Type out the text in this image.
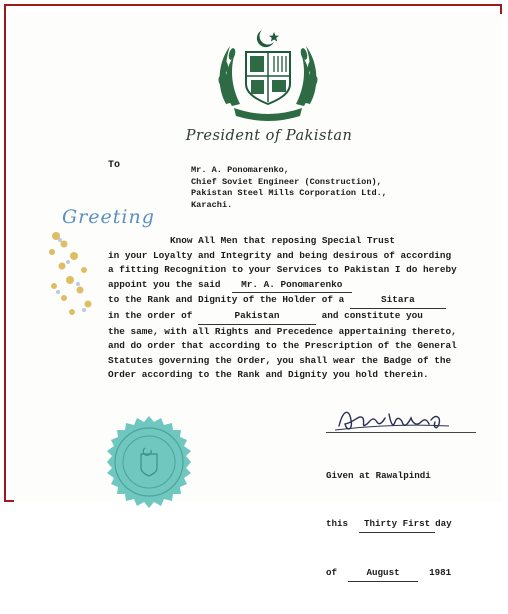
President of Pakistan
To	Mr. A. Ponomarenko,
Chief Soviet Engineer (Construction),
Pakistan Steel Mills Corporation Ltd.,
Karachi.
Greeting
Know All Men that reposing Special Trust
in your Loyalty and Integrity and being desirous of according
a fitting Recognition to your Services to Pakistan I do hereby
appoint you the said Mr. A. Ponomarenko
to the Rank and Dignity of the Holder of a	Sitara
in the order of	Pakistan	and constitute you
the same, with all Rights and Precedence appertaining thereto,
and do order that according to the Prescription of the General
Statutes governing the Order, you shall wear the Badge of the
Order according to the Rank and Dignity you hold therein.

Given at Rawalpindi

this Thirty First day

of	August	1981
